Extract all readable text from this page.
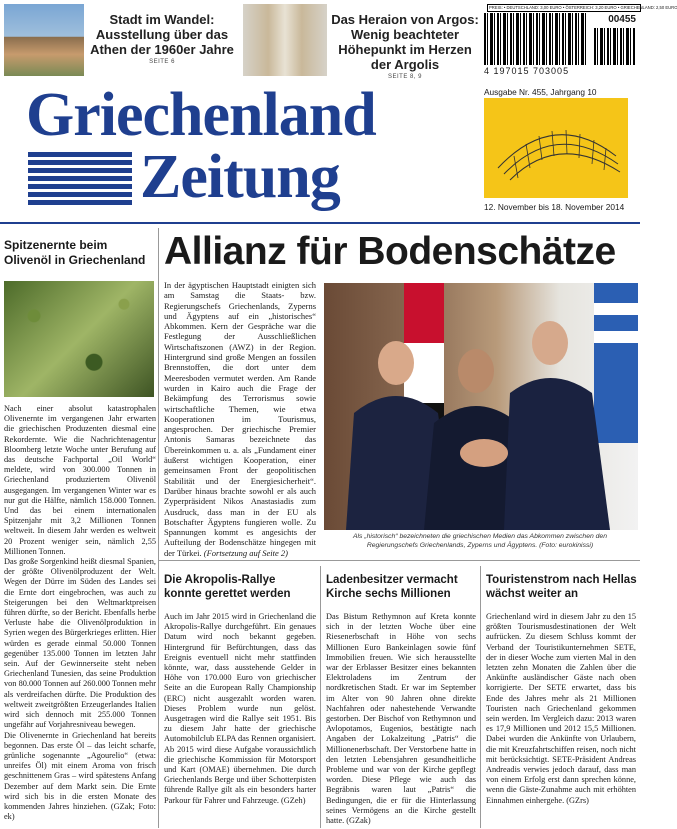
Stadt im Wandel: Ausstellung über das Athen der 1960er Jahre
SEITE 6
Das Heraion von Argos: Wenig beachteter Höhepunkt im Herzen der Argolis
SEITE 8, 9
PREIS: • DEUTSCHLAND: 3,00 EURO • ÖSTERREICH: 3,20 EURO • GRIECHENLAND: 2,50 EURO
00455
4 197015 703005
Griechenland
Zeitung
Ausgabe Nr. 455, Jahrgang 10
12. November bis 18. November 2014
Spitzenernte beim Olivenöl in Griechenland

Nach einer absolut katastrophalen Olivenernte im vergangenen Jahr erwarten die griechischen Produzenten diesmal eine Rekordernte. Wie die Nachrichtenagentur Bloomberg letzte Woche unter Berufung auf das deutsche Fachportal „Oil World“ meldete, wird von 300.000 Tonnen in Griechenland produziertem Olivenöl ausgegangen. Im vergangenen Winter war es nur gut die Hälfte, nämlich 158.000 Tonnen. Und das bei einem internationalen Spitzenjahr mit 3,2 Millionen Tonnen weltweit. In diesem Jahr werden es weltweit 20 Prozent weniger sein, nämlich 2,55 Millionen Tonnen.

Das große Sorgenkind heißt diesmal Spanien, der größte Olivenölproduzent der Welt. Wegen der Dürre im Süden des Landes sei die Ernte dort eingebrochen, was auch zu Steigerungen bei den Weltmarktpreisen führen dürfte, so der Bericht. Ebenfalls herbe Verluste habe die Olivenölproduktion in Syrien wegen des Bürgerkrieges erlitten. Hier würden es gerade einmal 50.000 Tonnen gegenüber 135.000 Tonnen im letzten Jahr sein. Auf der Gewinnerseite steht neben Griechenland Tunesien, das seine Produktion von 80.000 Tonnen auf 260.000 Tonnen mehr als verdreifachen dürfte. Die Produktion des weltweit zweitgrößten Erzeugerlandes Italien wird sich dennoch mit 255.000 Tonnen ungefähr auf Vorjahresniveau bewegen.

Die Olivenernte in Griechenland hat bereits begonnen. Das erste Öl – das leicht scharfe, grünliche sogenannte „Agourelio“ (etwa: unreifes Öl) mit einem Aroma von frisch geschnittenem Gras – wird spätestens Anfang Dezember auf dem Markt sein. Die Ernte wird sich bis in die ersten Monate des kommenden Jahres hinziehen. (GZak; Foto: ek)

Allianz für Bodenschätze
In der ägyptischen Hauptstadt einigten sich am Samstag die Staats- bzw. Regierungschefs Griechenlands, Zyperns und Ägyptens auf ein „historisches“ Abkommen. Kern der Gespräche war die Festlegung der Ausschließlichen Wirtschaftszonen (AWZ) in der Region. Hintergrund sind große Mengen an fossilen Brennstoffen, die dort unter dem Meeresboden vermutet werden. Am Rande wurden in Kairo auch die Frage der Bekämpfung des Terrorismus sowie wirtschaftliche Themen, wie etwa Kooperationen im Tourismus, angesprochen. Der griechische Premier Antonis Samaras bezeichnete das Übereinkommen u. a. als „Fundament einer äußerst wichtigen Kooperation, einer gemeinsamen Front der geopolitischen Stabilität und der Energiesicherheit“. Darüber hinaus brachte sowohl er als auch Zyperpräsident Nikos Anastasiadis zum Ausdruck, dass man in der EU als Botschafter Ägyptens fungieren wolle. Zu Spannungen kommt es angesichts der Aufteilung der Bodenschätze hingegen mit der Türkei. (Fortsetzung auf Seite 2)
Als „historisch“ bezeichneten die griechischen Medien das Abkommen zwischen den Regierungschefs Griechenlands, Zyperns und Ägyptens. (Foto: eurokinissi)
Die Akropolis-Rallye konnte gerettet werden
Auch im Jahr 2015 wird in Griechenland die Akropolis-Rallye durchgeführt. Ein genaues Datum wird noch bekannt gegeben. Hintergrund für Befürchtungen, dass das Ereignis eventuell nicht mehr stattfinden könnte, war, dass ausstehende Gelder in Höhe von 170.000 Euro von griechischer Seite an die European Rally Championship (ERC) nicht ausgezahlt worden waren. Dieses Problem wurde nun gelöst. Ausgetragen wird die Rallye seit 1951. Bis zu diesem Jahr hatte der griechische Automobilclub ELPA das Rennen organisiert. Ab 2015 wird diese Aufgabe voraussichtlich die griechische Kommission für Motorsport und Kart (OMAE) übernehmen. Die durch Griechenlands Berge und über Schotterpisten führende Rallye gilt als ein besonders harter Parkour für Fahrer und Fahrzeuge. (GZeh)
Ladenbesitzer vermacht Kirche sechs Millionen
Das Bistum Rethymnon auf Kreta konnte sich in der letzten Woche über eine Riesenerbschaft in Höhe von sechs Millionen Euro Bankeinlagen sowie fünf Immobilien freuen. Wie sich herausstellte war der Erblasser Besitzer eines bekannten Elektroladens im Zentrum der nordkretischen Stadt. Er war im September im Alter von 90 Jahren ohne direkte Nachfahren oder nahestehende Verwandte gestorben. Der Bischof von Rethymnon und Avlopotamos, Eugenios, bestätigte nach Angaben der Lokalzeitung „Patris“ die Millionenerbschaft. Der Verstorbene hatte in den letzten Lebensjahren gesundheitliche Probleme und war von der Kirche gepflegt worden. Diese Pflege wie auch das Begräbnis waren laut „Patris“ die Bedingungen, die er für die Hinterlassung seines Vermögens an die Kirche gestellt hatte. (GZak)
Touristenstrom nach Hellas wächst weiter an
Griechenland wird in diesem Jahr zu den 15 größten Tourismusdestinationen der Welt aufrücken. Zu diesem Schluss kommt der Verband der Touristikunternehmen SETE, der in dieser Woche zum vierten Mal in den letzten zehn Monaten die Zahlen über die Ankünfte ausländischer Gäste nach oben korrigierte. Der SETE erwartet, dass bis Ende des Jahres mehr als 21 Millionen Touristen nach Griechenland gekommen sein werden. Im Vergleich dazu: 2013 waren es 17,9 Millionen und 2012 15,5 Millionen. Dabei wurden die Ankünfte von Urlaubern, die mit Kreuzfahrtschiffen reisen, noch nicht mit berücksichtigt. SETE-Präsident Andreas Andreadis verwies jedoch darauf, dass man von einem Erfolg erst dann sprechen könne, wenn die Gäste-Zunahme auch mit erhöhten Einnahmen einhergehe. (GZrs)
